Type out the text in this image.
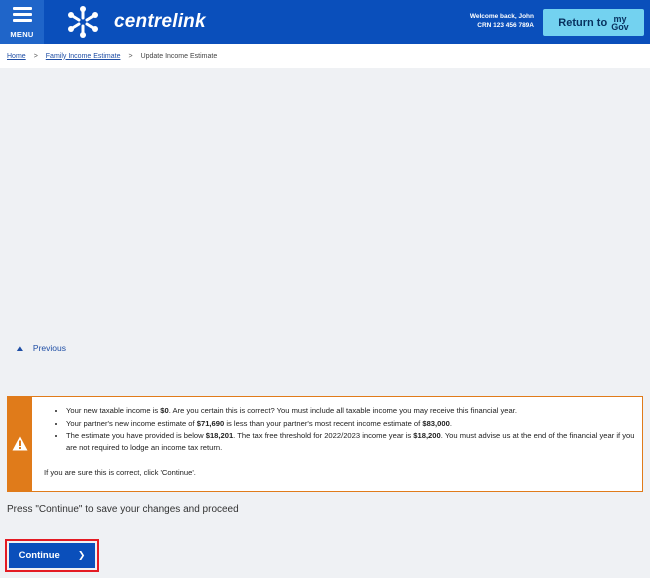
MENU
centrelink	Welcome back, John
CRN 123 456 789A Return to my
Gov
Home > Family Income Estimate > Update Income Estimate
▲ Previous
• Your new taxable income is $0. Are you certain this is correct? You must include all taxable income you may receive this financial year.
• Your partner's new income estimate of $71,690 is less than your partner's most recent income estimate of $83,000.
• The estimate you have provided is below $18,201. The tax free threshold for 2022/2023 income year is $18,200. You must advise us at the end of the financial year if you are not required to lodge an income tax return.
If you are sure this is correct, click 'Continue'.
Press "Continue" to save your changes and proceed
Continue ❯
